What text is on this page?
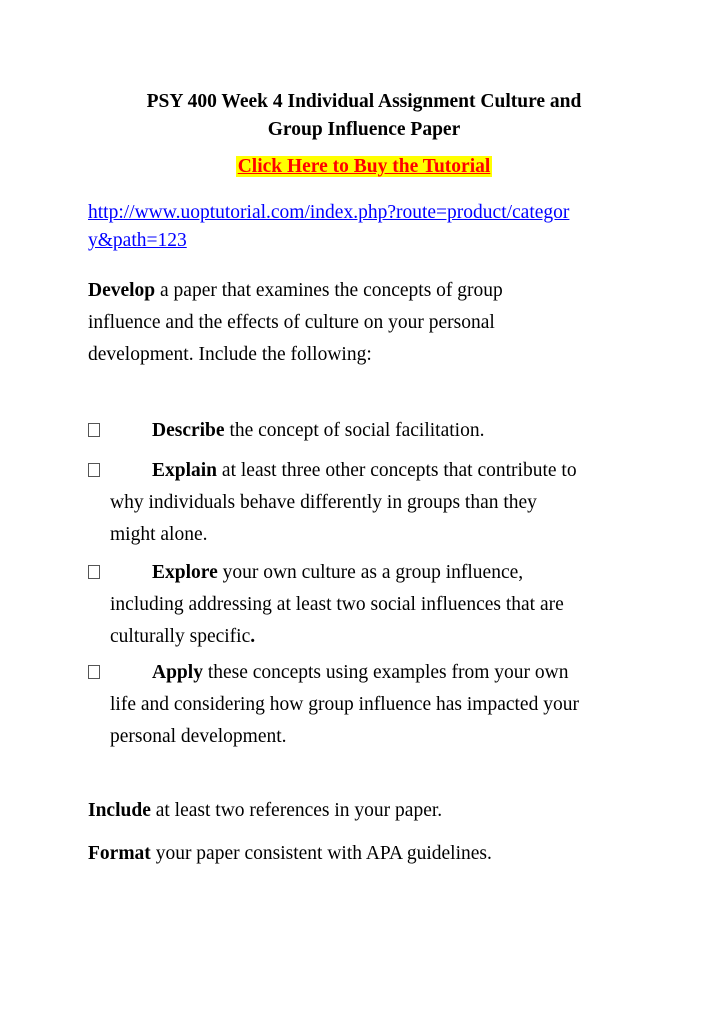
PSY 400 Week 4 Individual Assignment Culture and
Group Influence Paper
Click Here to Buy the Tutorial
http://www.uoptutorial.com/index.php?route=product/categor
y&path=123
Develop a paper that examines the concepts of group
influence and the effects of culture on your personal
development. Include the following:
Describe the concept of social facilitation.
Explain at least three other concepts that contribute to
why individuals behave differently in groups than they
might alone.
Explore your own culture as a group influence,
including addressing at least two social influences that are
culturally specific.
Apply these concepts using examples from your own
life and considering how group influence has impacted your
personal development.
Include at least two references in your paper.
Format your paper consistent with APA guidelines.
